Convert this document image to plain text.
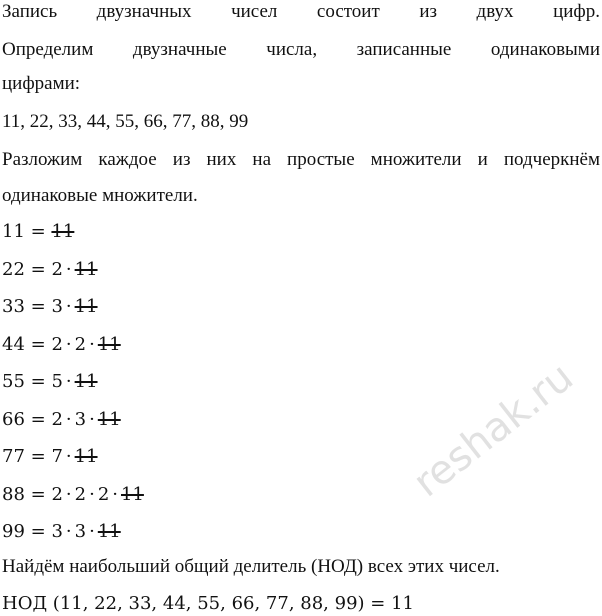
Запись двузначных чисел состоит из двух цифр.
Определим двузначные числа, записанные одинаковыми
цифрами:
11, 22, 33, 44, 55, 66, 77, 88, 99
Разложим каждое из них на простые множители и подчеркнём
одинаковые множители.
11 = 11
22 = 2 · 11
33 = 3 · 11
44 = 2 · 2 · 11
55 = 5 · 11
66 = 2 · 3 · 11
77 = 7 · 11
88 = 2 · 2 · 2 · 11
99 = 3 · 3 · 11
Найдём наибольший общий делитель (НОД) всех этих чисел.
НОД (11, 22, 33, 44, 55, 66, 77, 88, 99) = 11
reshak.ru
